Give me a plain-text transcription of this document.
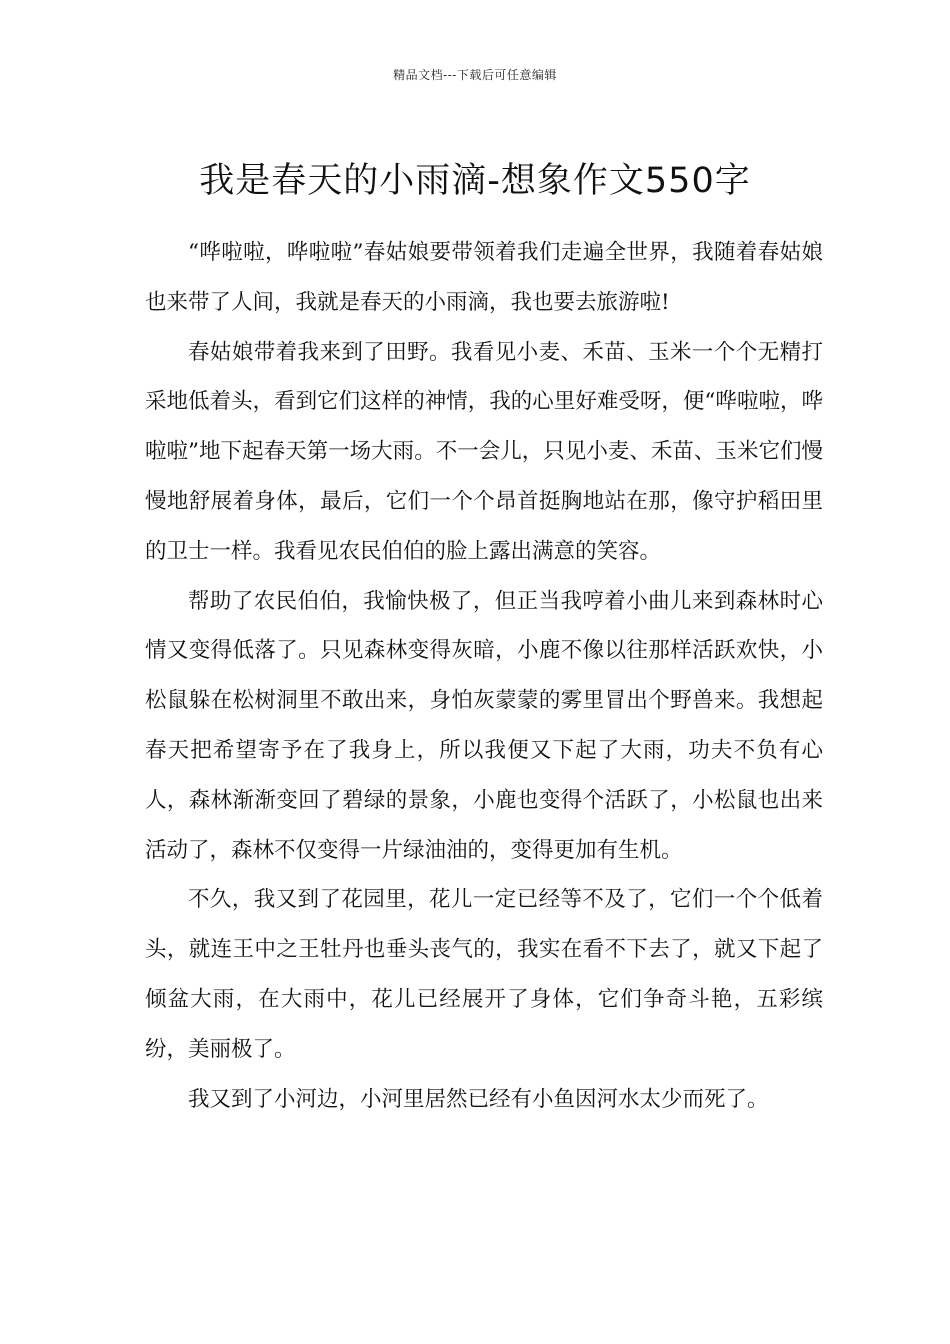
精品文档---下载后可任意编辑
我是春天的小雨滴-想象作文550字

“哗啦啦，哗啦啦”春姑娘要带领着我们走遍全世界，我随着春姑娘也来带了人间，我就是春天的小雨滴，我也要去旅游啦!

春姑娘带着我来到了田野。我看见小麦、禾苗、玉米一个个无精打采地低着头，看到它们这样的神情，我的心里好难受呀，便“哗啦啦，哗啦啦”地下起春天第一场大雨。不一会儿，只见小麦、禾苗、玉米它们慢慢地舒展着身体，最后，它们一个个昂首挺胸地站在那，像守护稻田里的卫士一样。我看见农民伯伯的脸上露出满意的笑容。

帮助了农民伯伯，我愉快极了，但正当我哼着小曲儿来到森林时心情又变得低落了。只见森林变得灰暗，小鹿不像以往那样活跃欢快，小松鼠躲在松树洞里不敢出来，身怕灰蒙蒙的雾里冒出个野兽来。我想起春天把希望寄予在了我身上，所以我便又下起了大雨，功夫不负有心人，森林渐渐变回了碧绿的景象，小鹿也变得个活跃了，小松鼠也出来活动了，森林不仅变得一片绿油油的，变得更加有生机。

不久，我又到了花园里，花儿一定已经等不及了，它们一个个低着头，就连王中之王牡丹也垂头丧气的，我实在看不下去了，就又下起了倾盆大雨，在大雨中，花儿已经展开了身体，它们争奇斗艳，五彩缤纷，美丽极了。

我又到了小河边，小河里居然已经有小鱼因河水太少而死了。
